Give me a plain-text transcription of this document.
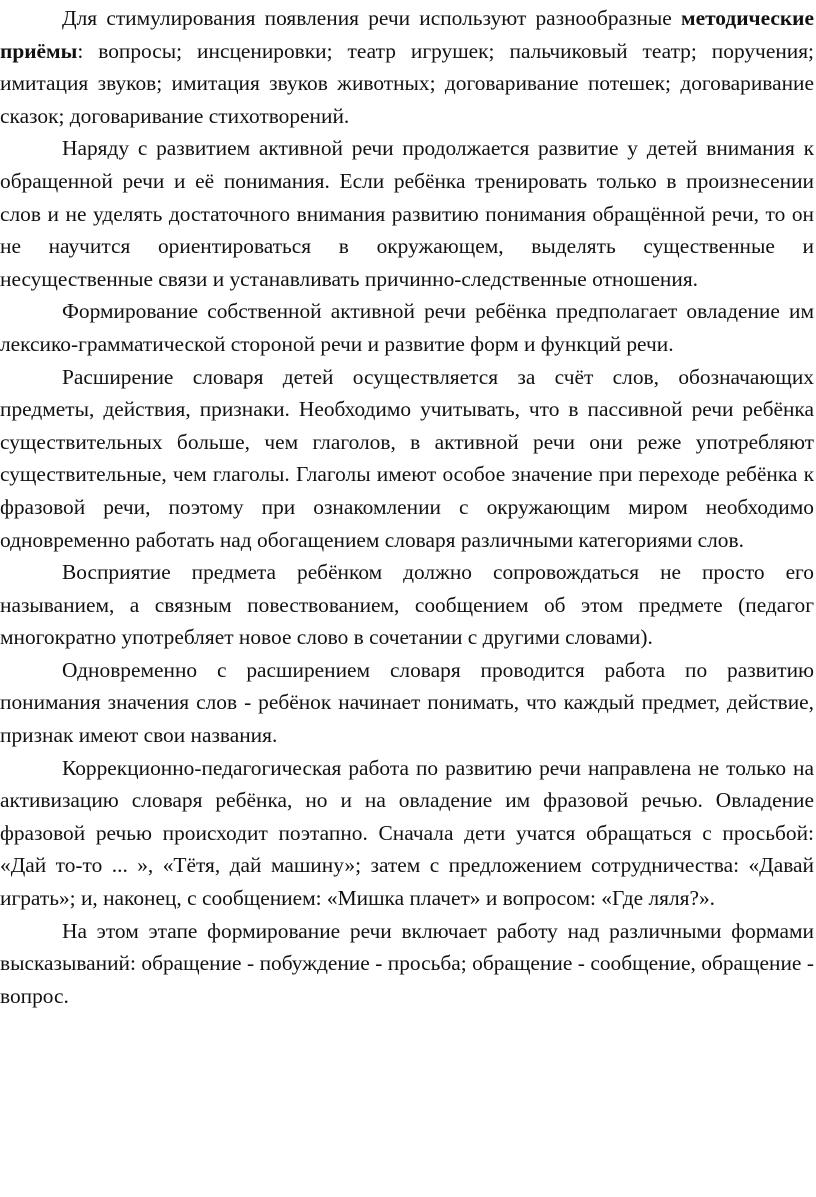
Для стимулирования появления речи используют разнообразные методические приёмы: вопросы; инсценировки; театр игрушек; пальчиковый театр; поручения; имитация звуков; имитация звуков животных; договаривание потешек; договаривание сказок; договаривание стихотворений.

Наряду с развитием активной речи продолжается развитие у детей внимания к обращенной речи и её понимания. Если ребёнка тренировать только в произнесении слов и не уделять достаточного внимания развитию понимания обращённой речи, то он не научится ориентироваться в окружающем, выделять существенные и несущественные связи и устанавливать причинно-следственные отношения.

Формирование собственной активной речи ребёнка предполагает овладение им лексико-грамматической стороной речи и развитие форм и функций речи.

Расширение словаря детей осуществляется за счёт слов, обозначающих предметы, действия, признаки. Необходимо учитывать, что в пассивной речи ребёнка существительных больше, чем глаголов, в активной речи они реже употребляют существительные, чем глаголы. Глаголы имеют особое значение при переходе ребёнка к фразовой речи, поэтому при ознакомлении с окружающим миром необходимо одновременно работать над обогащением словаря различными категориями слов.

Восприятие предмета ребёнком должно сопровождаться не просто его называнием, а связным повествованием, сообщением об этом предмете (педагог многократно употребляет новое слово в сочетании с другими словами).

Одновременно с расширением словаря проводится работа по развитию понимания значения слов - ребёнок начинает понимать, что каждый предмет, действие, признак имеют свои названия.

Коррекционно-педагогическая работа по развитию речи направлена не только на активизацию словаря ребёнка, но и на овладение им фразовой речью. Овладение фразовой речью происходит поэтапно. Сначала дети учатся обращаться с просьбой: «Дай то-то ... », «Тётя, дай машину»; затем с предложением сотрудничества: «Давай играть»; и, наконец, с сообщением: «Мишка плачет» и вопросом: «Где ляля?».

На этом этапе формирование речи включает работу над различными формами высказываний: обращение - побуждение - просьба; обращение - сообщение, обращение - вопрос.
